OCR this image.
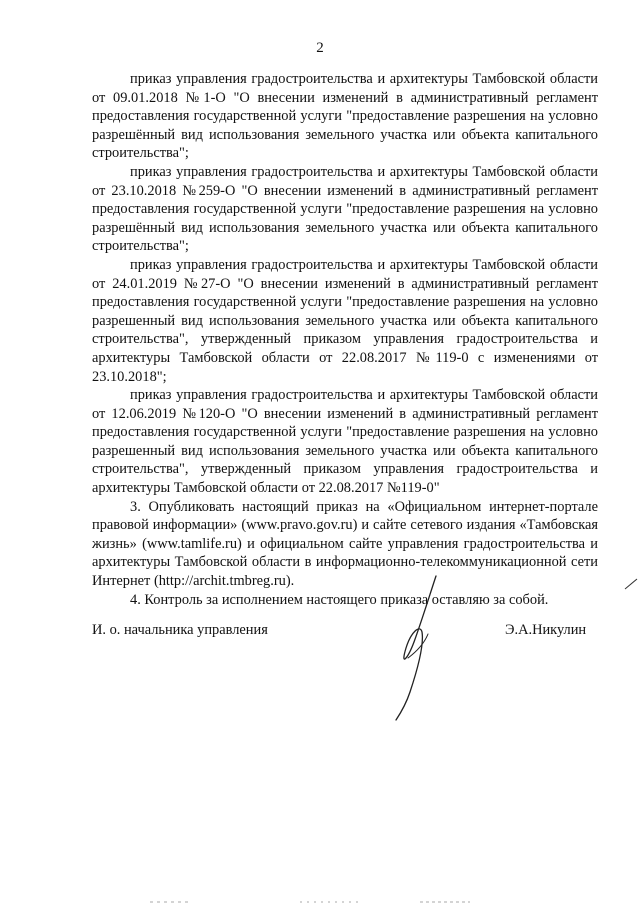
2

приказ управления градостроительства и архитектуры Тамбовской области от 09.01.2018 №1-О "О внесении изменений в административный регламент предоставления государственной услуги "предоставление разрешения на условно разрешённый вид использования земельного участка или объекта капитального строительства";

приказ управления градостроительства и архитектуры Тамбовской области от 23.10.2018 №259-О "О внесении изменений в административный регламент предоставления государственной услуги "предоставление разрешения на условно разрешённый вид использования земельного участка или объекта капитального строительства";

приказ управления градостроительства и архитектуры Тамбовской области от 24.01.2019 №27-О "О внесении изменений в административный регламент предоставления государственной услуги "предоставление разрешения на условно разрешенный вид использования земельного участка или объекта капитального строительства", утвержденный приказом управления градостроительства и архитектуры Тамбовской области от 22.08.2017 №119-0 с изменениями от 23.10.2018";

приказ управления градостроительства и архитектуры Тамбовской области от 12.06.2019 №120-О "О внесении изменений в административный регламент предоставления государственной услуги "предоставление разрешения на условно разрешенный вид использования земельного участка или объекта капитального строительства", утвержденный приказом управления градостроительства и архитектуры Тамбовской области от 22.08.2017 №119-0"

3. Опубликовать настоящий приказ на «Официальном интернет-портале правовой информации» (www.pravo.gov.ru) и сайте сетевого издания «Тамбовская жизнь» (www.tamlife.ru) и официальном сайте управления градостроительства и архитектуры Тамбовской области в информационно-телекоммуникационной сети Интернет (http://archit.tmbreg.ru).

4. Контроль за исполнением настоящего приказа оставляю за собой.

И. о. начальника управления	Э.А.Никулин
